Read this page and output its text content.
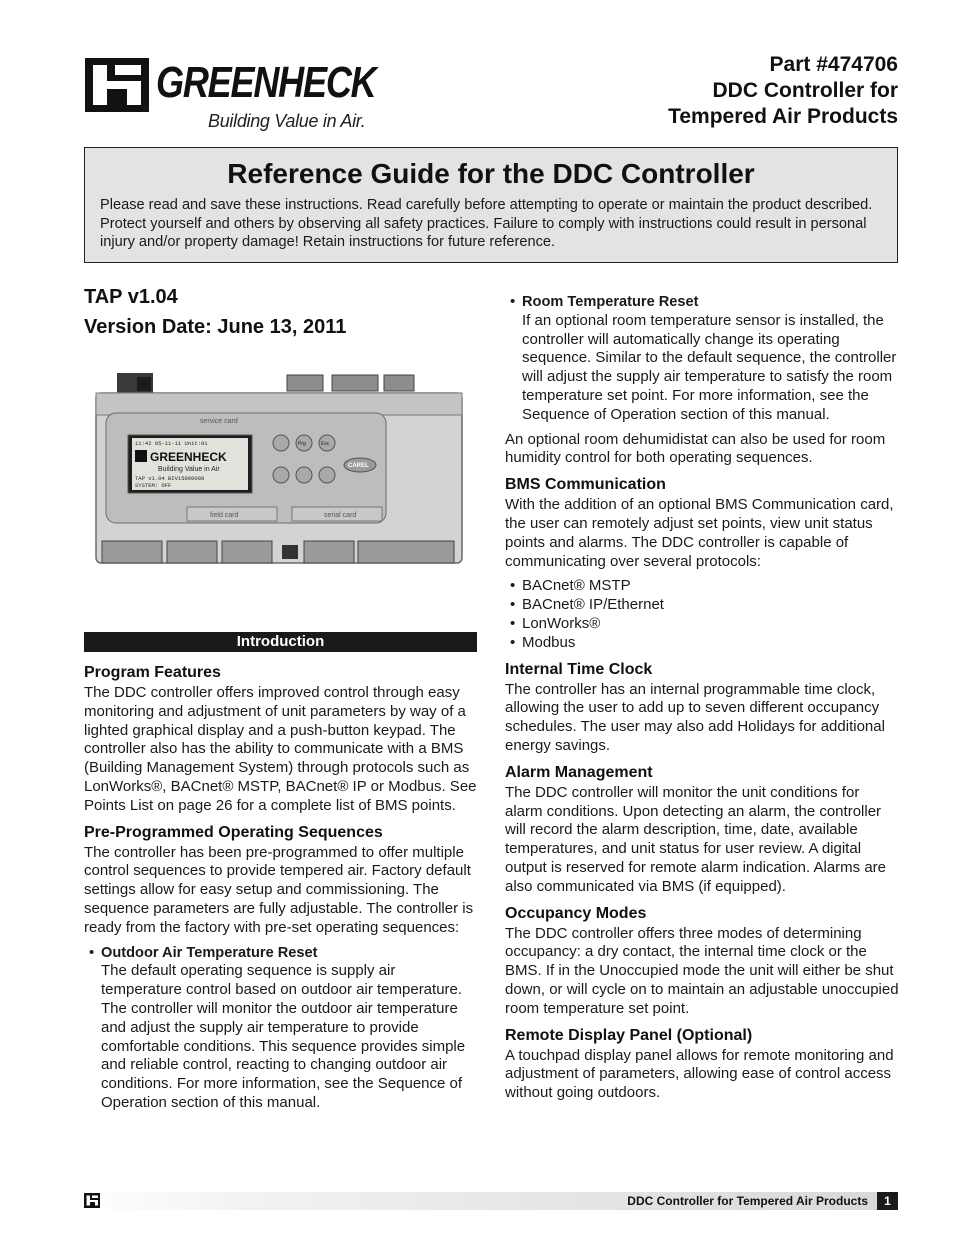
GREENHECK
®
Building Value in Air.
Part #474706
DDC Controller for
Tempered Air Products
Reference Guide for the DDC Controller
Please read and save these instructions. Read carefully before attempting to operate or maintain the product described. Protect yourself and others by observing all safety practices. Failure to comply with instructions could result in personal injury and/or property damage! Retain instructions for future reference.
TAP v1.04
Version Date: June 13, 2011
service card
11:42 05-11-11 Unit:01
GREENHECK
Building Value in Air
TAP v1.04 BIV15000008
SYSTEM: OFF
Prg	Esc
CAREL
field card	serial card
Introduction
Program Features
The DDC controller offers improved control through easy monitoring and adjustment of unit parameters by way of a lighted graphical display and a push-button keypad. The controller also has the ability to communicate with a BMS (Building Management System) through protocols such as LonWorks®, BACnet® MSTP, BACnet® IP or Modbus. See Points List on page 26 for a complete list of BMS points.
Pre-Programmed Operating Sequences
The controller has been pre-programmed to offer multiple control sequences to provide tempered air. Factory default settings allow for easy setup and commissioning. The sequence parameters are fully adjustable. The controller is ready from the factory with pre-set operating sequences:
• Outdoor Air Temperature Reset
The default operating sequence is supply air temperature control based on outdoor air temperature. The controller will monitor the outdoor air temperature and adjust the supply air temperature to provide comfortable conditions. This sequence provides simple and reliable control, reacting to changing outdoor air conditions. For more information, see the Sequence of Operation section of this manual.
• Room Temperature Reset
If an optional room temperature sensor is installed, the controller will automatically change its operating sequence. Similar to the default sequence, the controller will adjust the supply air temperature to satisfy the room temperature set point. For more information, see the Sequence of Operation section of this manual.
An optional room dehumidistat can also be used for room humidity control for both operating sequences.
BMS Communication
With the addition of an optional BMS Communication card, the user can remotely adjust set points, view unit status points and alarms. The DDC controller is capable of communicating over several protocols:
• BACnet® MSTP
• BACnet® IP/Ethernet
• LonWorks®
• Modbus
Internal Time Clock
The controller has an internal programmable time clock, allowing the user to add up to seven different occupancy schedules. The user may also add Holidays for additional energy savings.
Alarm Management
The DDC controller will monitor the unit conditions for alarm conditions. Upon detecting an alarm, the controller will record the alarm description, time, date, available temperatures, and unit status for user review. A digital output is reserved for remote alarm indication. Alarms are also communicated via BMS (if equipped).
Occupancy Modes
The DDC controller offers three modes of determining occupancy: a dry contact, the internal time clock or the BMS. If in the Unoccupied mode the unit will either be shut down, or will cycle on to maintain an adjustable unoccupied room temperature set point.
Remote Display Panel (Optional)
A touchpad display panel allows for remote monitoring and adjustment of parameters, allowing ease of control access without going outdoors.
DDC Controller for Tempered Air Products	1
